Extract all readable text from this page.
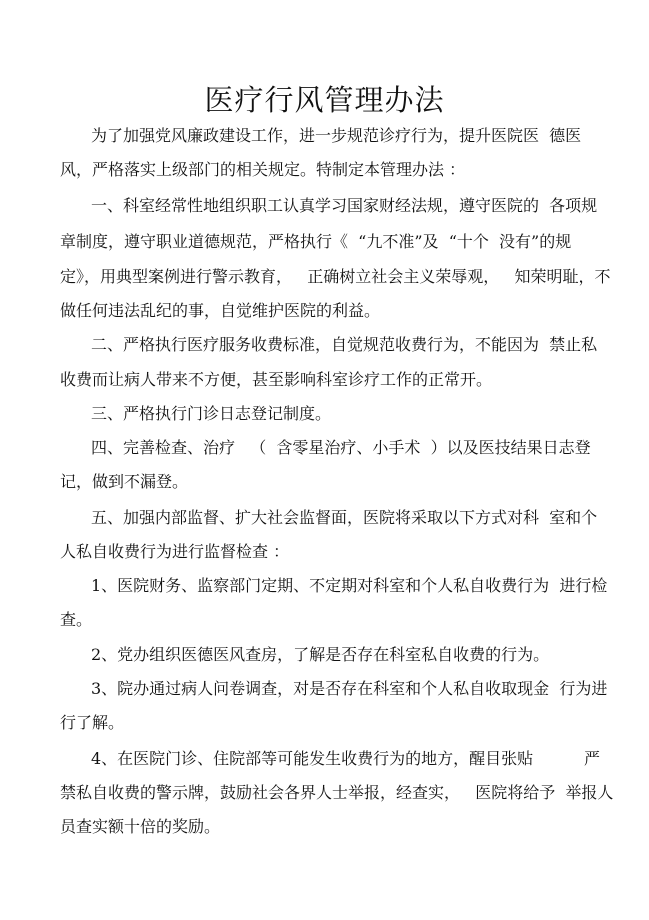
医疗行风管理办法
为了加强党风廉政建设工作，进一步规范诊疗行为，提升医院医  德医
风，严格落实上级部门的相关规定。特制定本管理办法 ：
一、科室经常性地组织职工认真学习国家财经法规，遵守医院的  各项规
章制度，遵守职业道德规范，严格执行《  “九不准”及  “十个  没有”的规
定》，用典型案例进行警示教育，   正确树立社会主义荣辱观，   知荣明耻，不
做任何违法乱纪的事，自觉维护医院的利益。
二、严格执行医疗服务收费标准，自觉规范收费行为，不能因为  禁止私
收费而让病人带来不方便，甚至影响科室诊疗工作的正常开。
三、严格执行门诊日志登记制度。
四、完善检查、治疗   （  含零星治疗、小手术  ）以及医技结果日志登
记，做到不漏登。
五、加强内部监督、扩大社会监督面，医院将采取以下方式对科  室和个
人私自收费行为进行监督检查 ：
1、医院财务、监察部门定期、不定期对科室和个人私自收费行为  进行检
查。
2、党办组织医德医风查房，了解是否存在科室私自收费的行为。
3、院办通过病人问卷调查，对是否存在科室和个人私自收取现金  行为进
行了解。
4、在医院门诊、住院部等可能发生收费行为的地方，醒目张贴          严
禁私自收费的警示牌，鼓励社会各界人士举报，经查实，   医院将给予  举报人
员查实额十倍的奖励。
